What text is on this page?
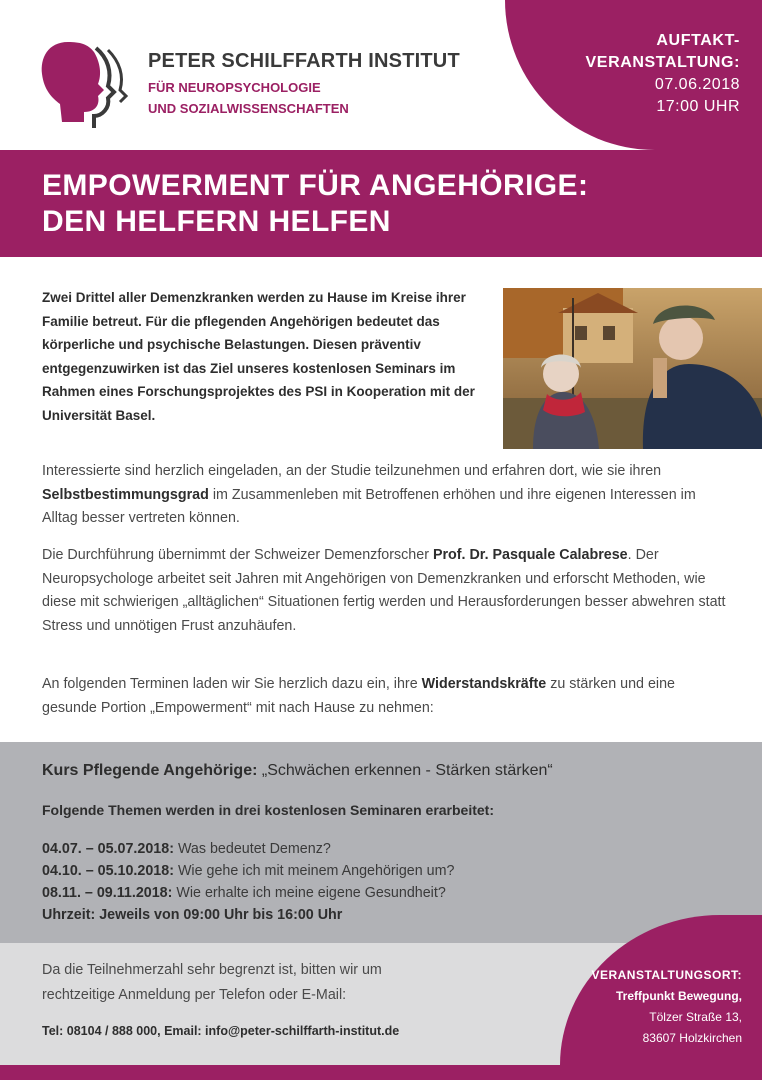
PETER SCHILFFARTH INSTITUT
FÜR NEUROPSYCHOLOGIE
UND SOZIALWISSENSCHAFTEN
AUFTAKT-
VERANSTALTUNG:
07.06.2018
17:00 UHR
EMPOWERMENT FÜR ANGEHÖRIGE:
DEN HELFERN HELFEN
Zwei Drittel aller Demenzkranken werden zu Hause im Kreise ihrer Familie betreut. Für die pflegenden Angehörigen bedeutet das körperliche und psychische Belastungen. Diesen präventiv entgegenzuwirken ist das Ziel unseres kostenlosen Seminars im Rahmen eines Forschungsprojektes des PSI in Kooperation mit der Universität Basel.
Interessierte sind herzlich eingeladen, an der Studie teilzunehmen und erfahren dort, wie sie ihren Selbstbestimmungsgrad im Zusammenleben mit Betroffenen erhöhen und ihre eigenen Interessen im Alltag besser vertreten können.
Die Durchführung übernimmt der Schweizer Demenzforscher Prof. Dr. Pasquale Calabrese. Der Neuropsychologe arbeitet seit Jahren mit Angehörigen von Demenzkranken und erforscht Methoden, wie diese mit schwierigen „alltäglichen“ Situationen fertig werden und Herausforderungen besser abwehren statt Stress und unnötigen Frust anzuhäufen.
An folgenden Terminen laden wir Sie herzlich dazu ein, ihre Widerstandskräfte zu stärken und eine gesunde Portion „Empowerment“ mit nach Hause zu nehmen:
Kurs Pflegende Angehörige: „Schwächen erkennen - Stärken stärken“
Folgende Themen werden in drei kostenlosen Seminaren erarbeitet:
04.07. – 05.07.2018: Was bedeutet Demenz?
04.10. – 05.10.2018: Wie gehe ich mit meinem Angehörigen um?
08.11. – 09.11.2018: Wie erhalte ich meine eigene Gesundheit?
Uhrzeit: Jeweils von 09:00 Uhr bis 16:00 Uhr
Da die Teilnehmerzahl sehr begrenzt ist, bitten wir um
rechtzeitige Anmeldung per Telefon oder E-Mail:
Tel: 08104 / 888 000, Email: info@peter-schilffarth-institut.de
VERANSTALTUNGSORT:
Treffpunkt Bewegung,
Tölzer Straße 13,
83607 Holzkirchen
